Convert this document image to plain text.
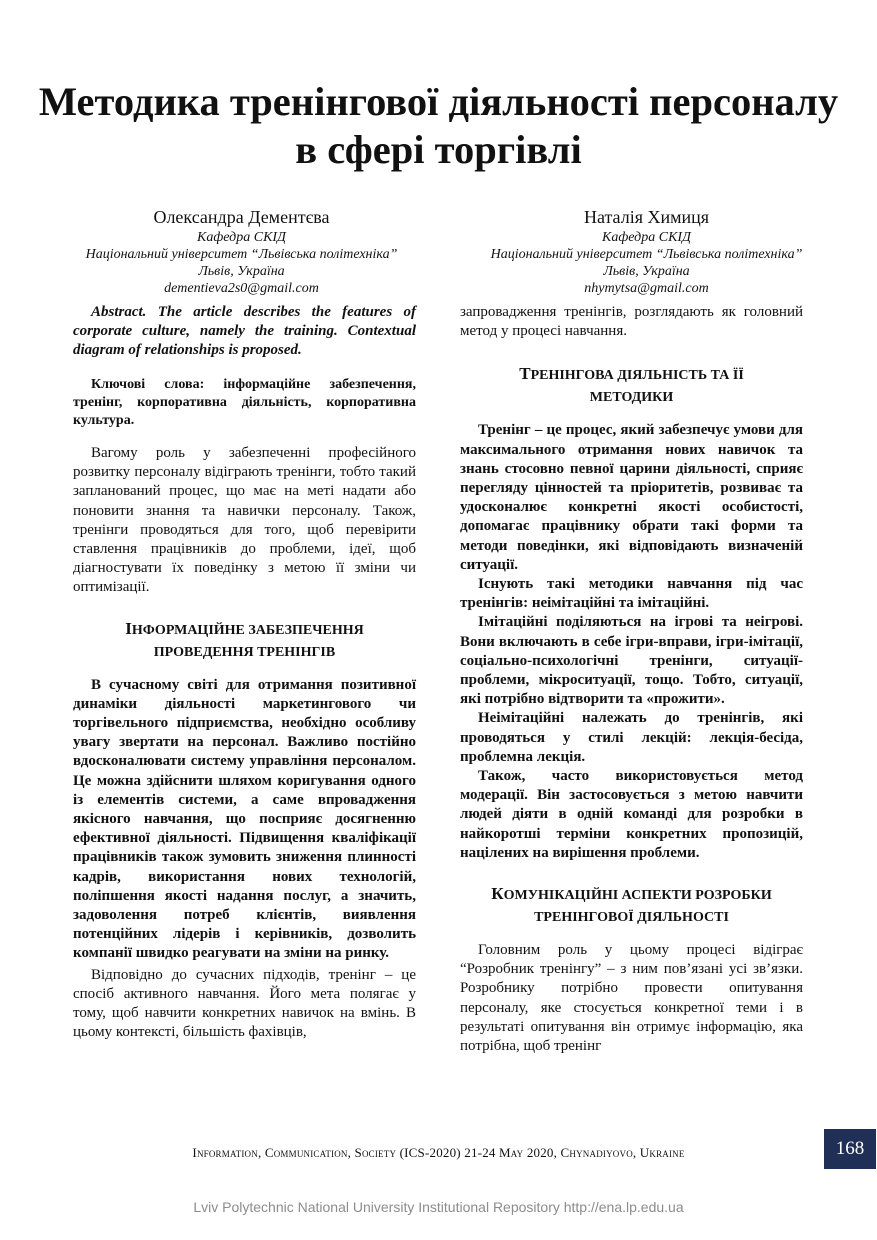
Методика тренінгової діяльності персоналу
в сфері торгівлі
Олександра Дементєва
Кафедра СКІД
Національний університет “Львівська політехніка”
Львів, Україна
dementieva2s0@gmail.com
Наталія Химиця
Кафедра СКІД
Національний університет “Львівська політехніка”
Львів, Україна
nhymytsa@gmail.com

Abstract. The article describes the features of corporate culture, namely the training. Contextual diagram of relationships is proposed.

Ключові слова: інформаційне забезпечення, тренінг, корпоративна діяльність, корпоративна культура.

Вагому роль у забезпеченні професійного розвитку персоналу відіграють тренінги, тобто такий запланований процес, що має на меті надати або поновити знання та навички персоналу. Також, тренінги проводяться для того, щоб перевірити ставлення працівників до проблеми, ідеї, щоб діагностувати їх поведінку з метою її зміни чи оптимізації.

ІНФОРМАЦІЙНЕ ЗАБЕЗПЕЧЕННЯ
ПРОВЕДЕННЯ ТРЕНІНГІВ

В сучасному світі для отримання позитивної динаміки діяльності маркетингового чи торгівельного підприємства, необхідно особливу увагу звертати на персонал. Важливо постійно вдосконалювати систему управління персоналом. Це можна здійснити шляхом коригування одного із елементів системи, а саме впровадження якісного навчання, що посприяє досягненню ефективної діяльності. Підвищення кваліфікації працівників також зумовить зниження плинності кадрів, використання нових технологій, поліпшення якості надання послуг, а значить, задоволення потреб клієнтів, виявлення потенційних лідерів і керівників, дозволить компанії швидко реагувати на зміни на ринку.

Відповідно до сучасних підходів, тренінг – це спосіб активного навчання. Його мета полягає у тому, щоб навчити конкретних навичок на вмінь. В цьому контексті, більшість фахівців,

запровадження тренінгів, розглядають як головний метод у процесі навчання.

ТРЕНІНГОВА ДІЯЛЬНІСТЬ ТА ЇЇ
МЕТОДИКИ

Тренінг – це процес, який забезпечує умови для максимального отримання нових навичок та знань стосовно певної царини діяльності, сприяє перегляду цінностей та пріоритетів, розвиває та удосконалює конкретні якості особистості, допомагає працівнику обрати такі форми та методи поведінки, які відповідають визначеній ситуації.

Існують такі методики навчання під час тренінгів: неімітаційні та імітаційні.

Імітаційні поділяються на ігрові та неігрові. Вони включають в себе ігри-вправи, ігри-імітації, соціально-психологічні тренінги, ситуації-проблеми, мікроситуації, тощо. Тобто, ситуації, які потрібно відтворити та «прожити».

Неімітаційні належать до тренінгів, які проводяться у стилі лекцій: лекція-бесіда, проблемна лекція.

Також, часто використовується метод модерації. Він застосовується з метою навчити людей діяти в одній команді для розробки в найкоротші терміни конкретних пропозицій, націлених на вирішення проблеми.

КОМУНІКАЦІЙНІ АСПЕКТИ РОЗРОБКИ
ТРЕНІНГОВОЇ ДІЯЛЬНОСТІ

Головним роль у цьому процесі відіграє “Розробник тренінгу” – з ним пов’язані усі зв’язки. Розробнику потрібно провести опитування персоналу, яке стосується конкретної теми і в результаті опитування він отримує інформацію, яка потрібна, щоб тренінг

Information, Communication, Society (ICS-2020) 21-24 May 2020, Chynadiyovo, Ukraine	168
Lviv Polytechnic National University Institutional Repository http://ena.lp.edu.ua
